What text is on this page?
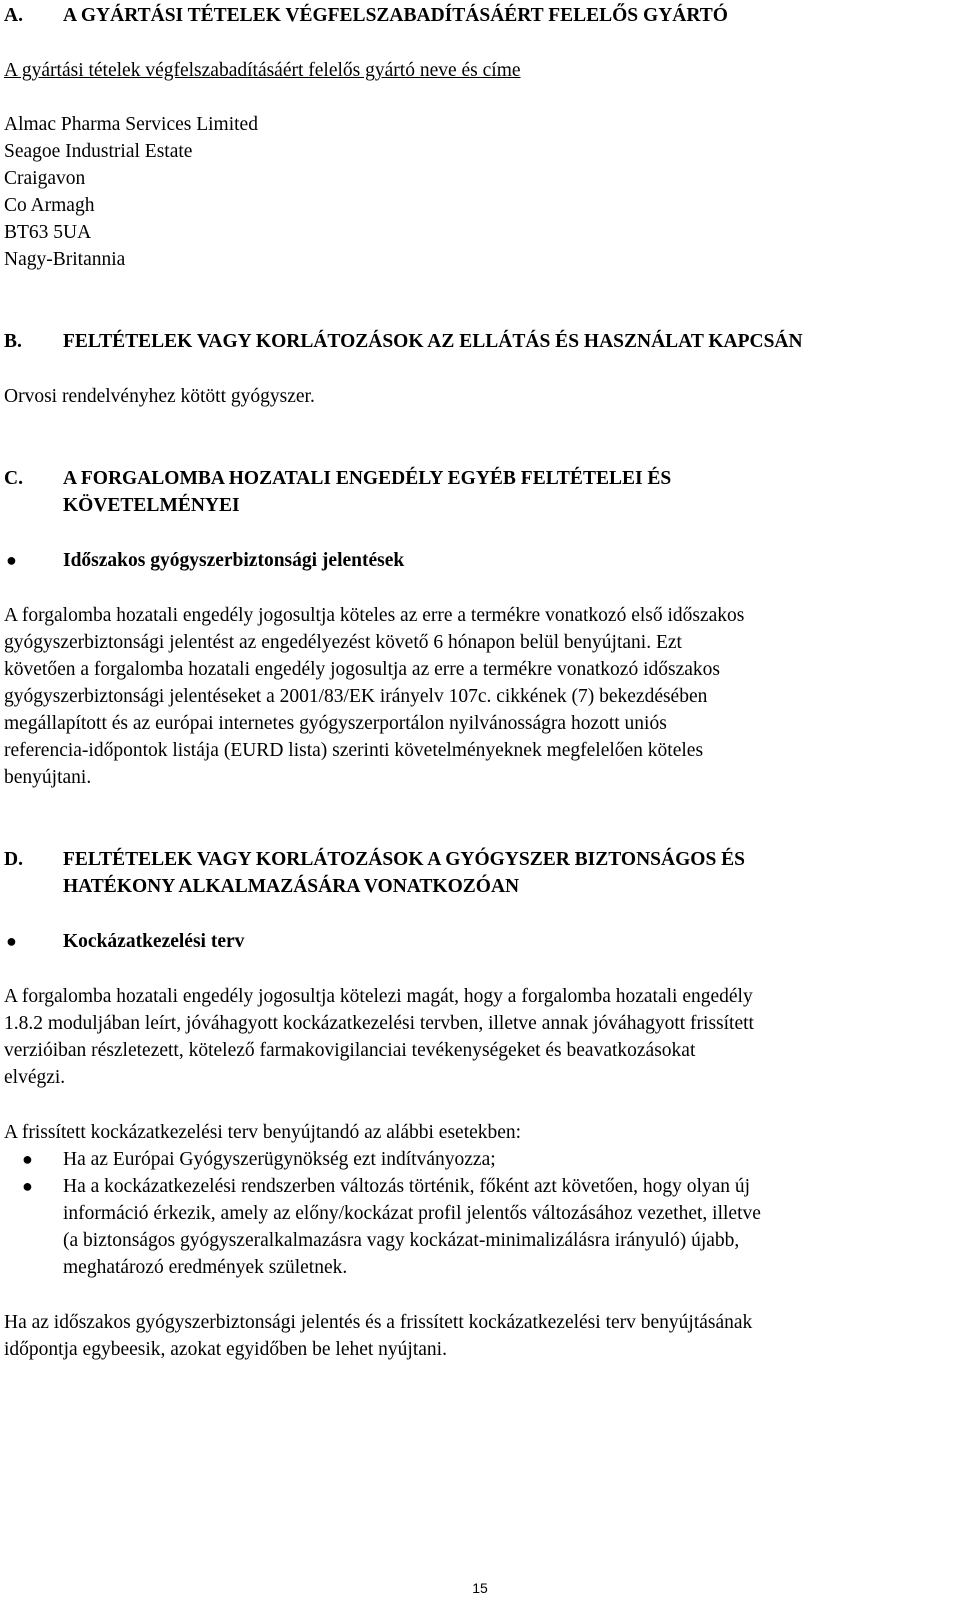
A. A GYÁRTÁSI TÉTELEK VÉGFELSZABADÍTÁSÁÉRT FELELŐS GYÁRTÓ
A gyártási tételek végfelszabadításáért felelős gyártó neve és címe
Almac Pharma Services Limited
Seagoe Industrial Estate
Craigavon
Co Armagh
BT63 5UA
Nagy-Britannia
B. FELTÉTELEK VAGY KORLÁTOZÁSOK AZ ELLÁTÁS ÉS HASZNÁLAT KAPCSÁN
Orvosi rendelvényhez kötött gyógyszer.
C. A FORGALOMBA HOZATALI ENGEDÉLY EGYÉB FELTÉTELEI ÉS
KÖVETELMÉNYEI
● Időszakos gyógyszerbiztonsági jelentések
A forgalomba hozatali engedély jogosultja köteles az erre a termékre vonatkozó első időszakos
gyógyszerbiztonsági jelentést az engedélyezést követő 6 hónapon belül benyújtani. Ezt
követően a forgalomba hozatali engedély jogosultja az erre a termékre vonatkozó időszakos
gyógyszerbiztonsági jelentéseket a 2001/83/EK irányelv 107c. cikkének (7) bekezdésében
megállapított és az európai internetes gyógyszerportálon nyilvánosságra hozott uniós
referencia-időpontok listája (EURD lista) szerinti követelményeknek megfelelően köteles
benyújtani.
D. FELTÉTELEK VAGY KORLÁTOZÁSOK A GYÓGYSZER BIZTONSÁGOS ÉS
HATÉKONY ALKALMAZÁSÁRA VONATKOZÓAN
● Kockázatkezelési terv
A forgalomba hozatali engedély jogosultja kötelezi magát, hogy a forgalomba hozatali engedély
1.8.2 moduljában leírt, jóváhagyott kockázatkezelési tervben, illetve annak jóváhagyott frissített
verzióiban részletezett, kötelező farmakovigilanciai tevékenységeket és beavatkozásokat
elvégzi.
A frissített kockázatkezelési terv benyújtandó az alábbi esetekben:
● Ha az Európai Gyógyszerügynökség ezt indítványozza;
● Ha a kockázatkezelési rendszerben változás történik, főként azt követően, hogy olyan új
információ érkezik, amely az előny/kockázat profil jelentős változásához vezethet, illetve
(a biztonságos gyógyszeralkalmazásra vagy kockázat-minimalizálásra irányuló) újabb,
meghatározó eredmények születnek.
Ha az időszakos gyógyszerbiztonsági jelentés és a frissített kockázatkezelési terv benyújtásának
időpontja egybeesik, azokat egyidőben be lehet nyújtani.
15
